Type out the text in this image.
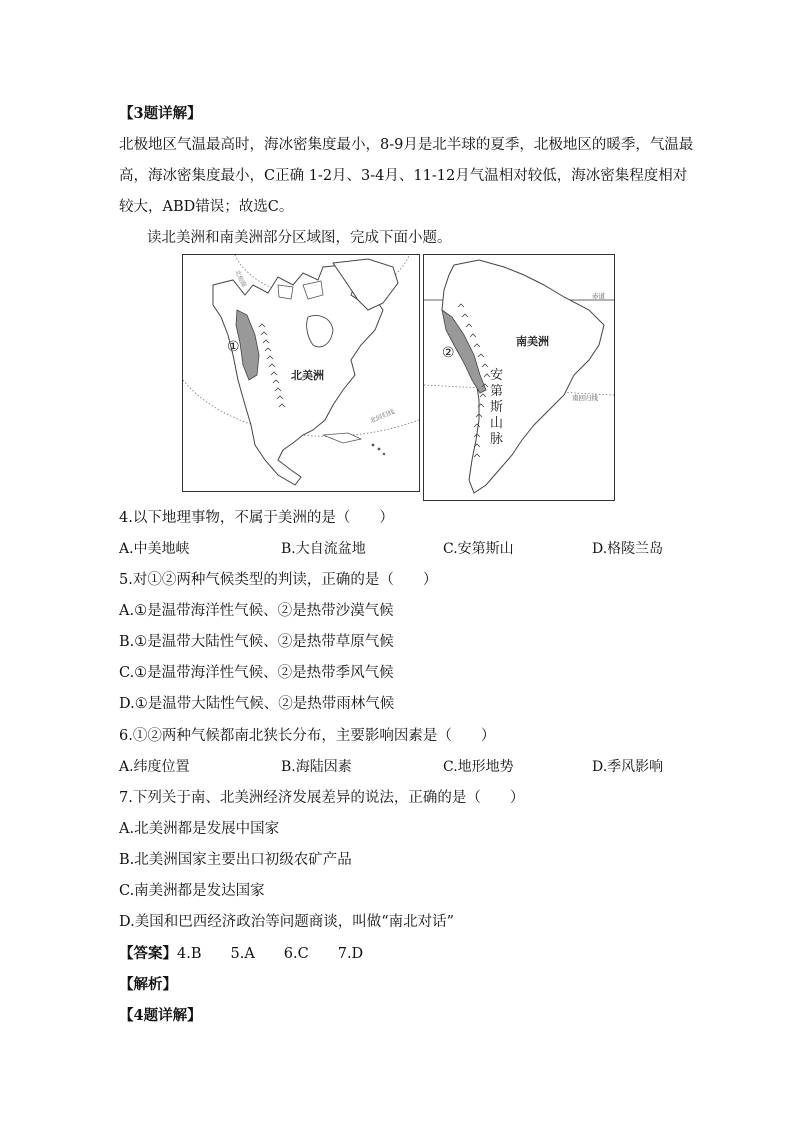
【3题详解】
北极地区气温最高时，海冰密集度最小，8-9月是北半球的夏季，北极地区的暖季，气温最
高，海冰密集度最小，C正确 1-2月、3-4月、11-12月气温相对较低，海冰密集程度相对
较大，ABD错误；故选C。
读北美洲和南美洲部分区域图，完成下面小题。
①
北美洲
北回归线
北极圈
②
南美洲
赤道
南回归线
安
第
斯
山
脉
4.以下地理事物，不属于美洲的是（　　）
A.中美地峡	B.大自流盆地	C.安第斯山	D.格陵兰岛
5.对①②两种气候类型的判读，正确的是（　　）
A.①是温带海洋性气候、②是热带沙漠气候
B.①是温带大陆性气候、②是热带草原气候
C.①是温带海洋性气候、②是热带季风气候
D.①是温带大陆性气候、②是热带雨林气候
6.①②两种气候都南北狭长分布，主要影响因素是（　　）
A.纬度位置	B.海陆因素	C.地形地势	D.季风影响
7.下列关于南、北美洲经济发展差异的说法，正确的是（　　）
A.北美洲都是发展中国家
B.北美洲国家主要出口初级农矿产品
C.南美洲都是发达国家
D.美国和巴西经济政治等问题商谈，叫做“南北对话”
【答案】4.B　　5.A　　6.C　　7.D
【解析】
【4题详解】
